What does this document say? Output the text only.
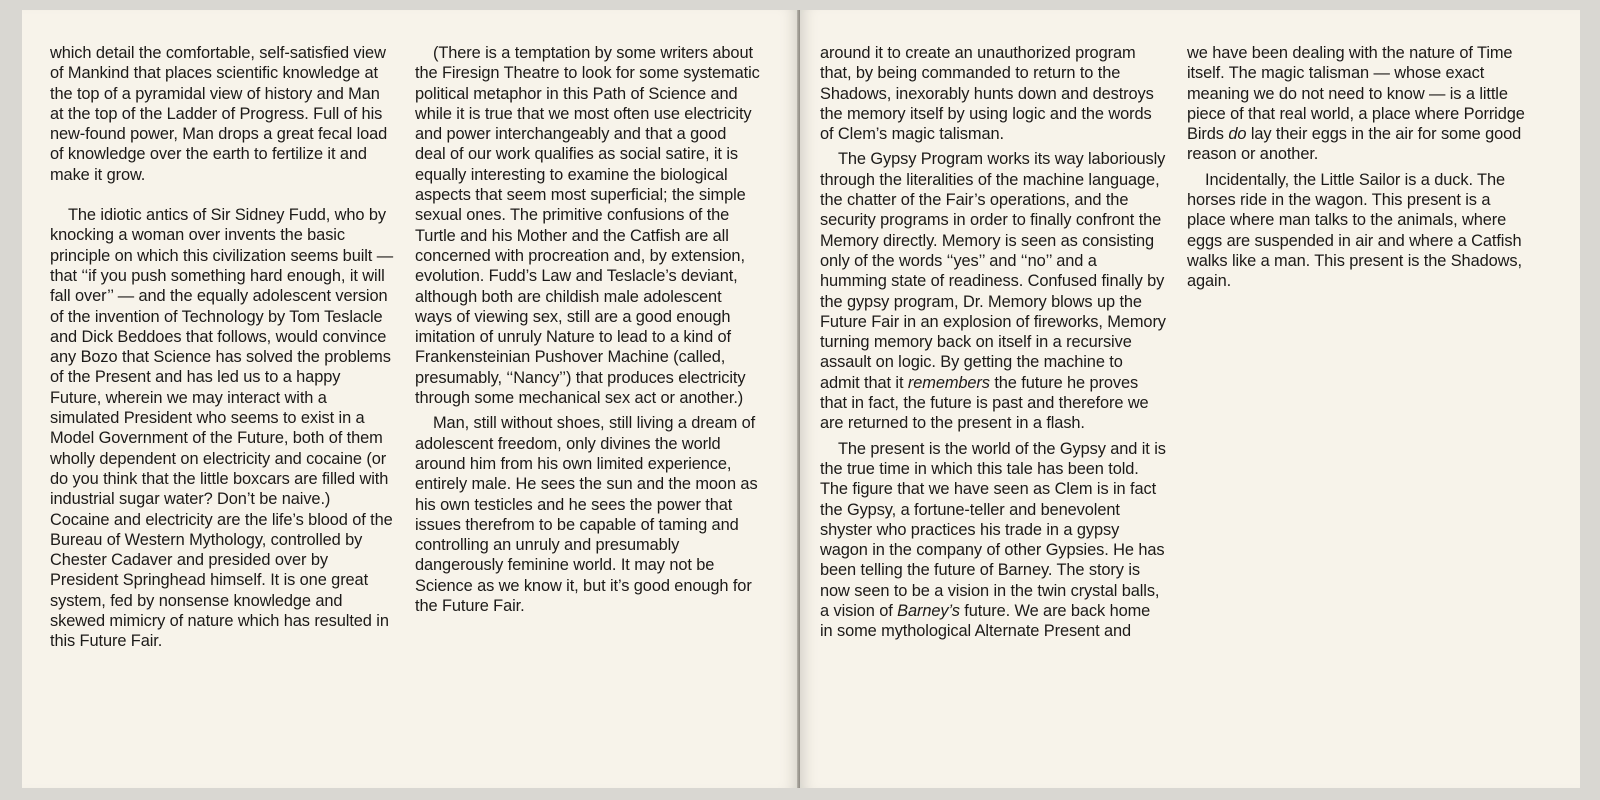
which detail the comfortable, self-satisfied view of Mankind that places scientific knowledge at the top of a pyramidal view of history and Man at the top of the Ladder of Progress. Full of his new-found power, Man drops a great fecal load of knowledge over the earth to fertilize it and make it grow.

The idiotic antics of Sir Sidney Fudd, who by knocking a woman over invents the basic principle on which this civilization seems built — that ‘‘if you push something hard enough, it will fall over’’ — and the equally adolescent version of the invention of Technology by Tom Teslacle and Dick Beddoes that follows, would convince any Bozo that Science has solved the problems of the Present and has led us to a happy Future, wherein we may interact with a simulated President who seems to exist in a Model Government of the Future, both of them wholly dependent on electricity and cocaine (or do you think that the little boxcars are filled with industrial sugar water? Don’t be naive.) Cocaine and electricity are the life’s blood of the Bureau of Western Mythology, controlled by Chester Cadaver and presided over by President Springhead himself. It is one great system, fed by nonsense knowledge and skewed mimicry of nature which has resulted in this Future Fair.

(There is a temptation by some writers about the Firesign Theatre to look for some systematic political metaphor in this Path of Science and while it is true that we most often use electricity and power interchangeably and that a good deal of our work qualifies as social satire, it is equally interesting to examine the biological aspects that seem most superficial; the simple sexual ones. The primitive confusions of the Turtle and his Mother and the Catfish are all concerned with procreation and, by extension, evolution. Fudd’s Law and Teslacle’s deviant, although both are childish male adolescent ways of viewing sex, still are a good enough imitation of unruly Nature to lead to a kind of Frankensteinian Pushover Machine (called, presumably, ‘‘Nancy’’) that produces electricity through some mechanical sex act or another.)

Man, still without shoes, still living a dream of adolescent freedom, only divines the world around him from his own limited experience, entirely male. He sees the sun and the moon as his own testicles and he sees the power that issues therefrom to be capable of taming and controlling an unruly and presumably dangerously feminine world. It may not be Science as we know it, but it’s good enough for the Future Fair.

around it to create an unauthorized program that, by being commanded to return to the Shadows, inexorably hunts down and destroys the memory itself by using logic and the words of Clem’s magic talisman.

The Gypsy Program works its way laboriously through the literalities of the machine language, the chatter of the Fair’s operations, and the security programs in order to finally confront the Memory directly. Memory is seen as consisting only of the words ‘‘yes’’ and ‘‘no’’ and a humming state of readiness. Confused finally by the gypsy program, Dr. Memory blows up the Future Fair in an explosion of fireworks, Memory turning memory back on itself in a recursive assault on logic. By getting the machine to admit that it remembers the future he proves that in fact, the future is past and therefore we are returned to the present in a flash.

The present is the world of the Gypsy and it is the true time in which this tale has been told. The figure that we have seen as Clem is in fact the Gypsy, a fortune-teller and benevolent shyster who practices his trade in a gypsy wagon in the company of other Gypsies. He has been telling the future of Barney. The story is now seen to be a vision in the twin crystal balls, a vision of Barney’s future. We are back home in some mythological Alternate Present and

we have been dealing with the nature of Time itself. The magic talisman — whose exact meaning we do not need to know — is a little piece of that real world, a place where Porridge Birds do lay their eggs in the air for some good reason or another.

Incidentally, the Little Sailor is a duck. The horses ride in the wagon. This present is a place where man talks to the animals, where eggs are suspended in air and where a Catfish walks like a man. This present is the Shadows, again.
